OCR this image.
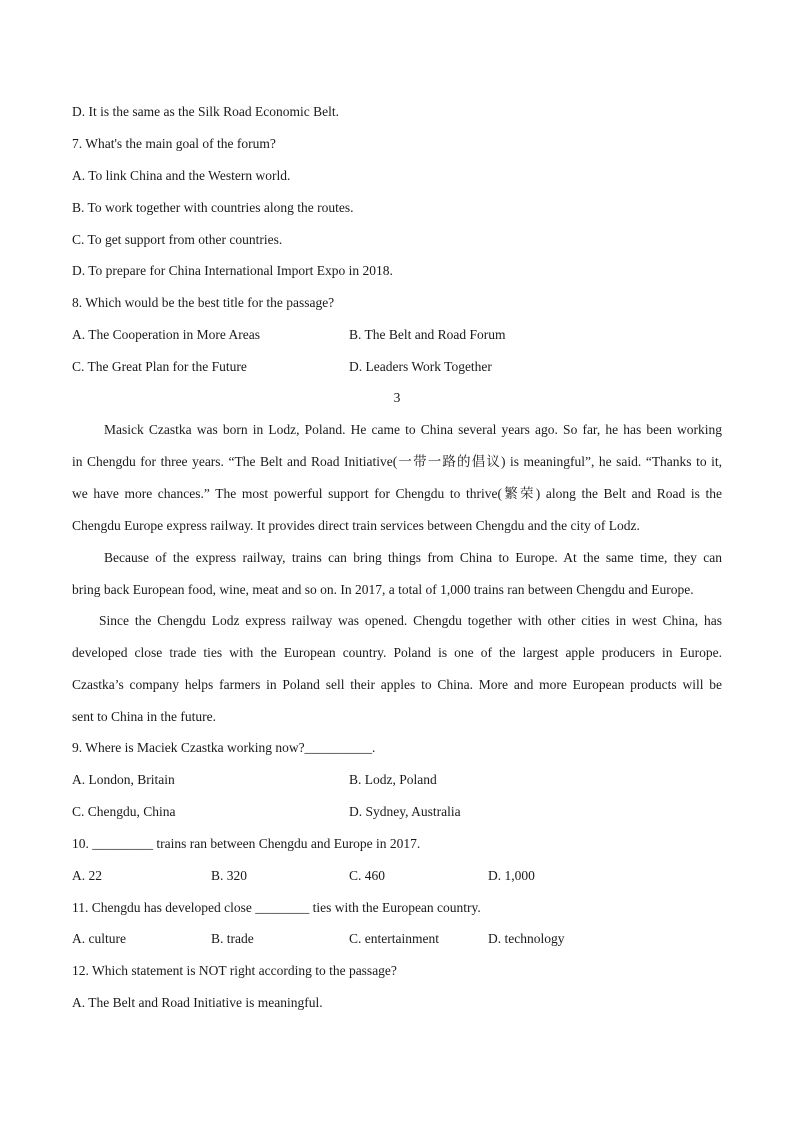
D. It is the same as the Silk Road Economic Belt.
7. What's the main goal of the forum?
A. To link China and the Western world.
B. To work together with countries along the routes.
C. To get support from other countries.
D. To prepare for China International Import Expo in 2018.
8. Which would be the best title for the passage?
A. The Cooperation in More Areas	B. The Belt and Road Forum
C. The Great Plan for the Future	D. Leaders Work Together
3
Masick Czastka was born in Lodz, Poland. He came to China several years ago. So far, he has been working
in Chengdu for three years. “The Belt and Road Initiative(一带一路的倡议) is meaningful”, he said. “Thanks to it,
we have more chances.” The most powerful support for Chengdu to thrive(繁荣) along the Belt and Road is the
Chengdu Europe express railway. It provides direct train services between Chengdu and the city of Lodz.
Because of the express railway, trains can bring things from China to Europe. At the same time, they can
bring back European food, wine, meat and so on. In 2017, a total of 1,000 trains ran between Chengdu and Europe.
Since the Chengdu Lodz express railway was opened. Chengdu together with other cities in west China, has
developed close trade ties with the European country. Poland is one of the largest apple producers in Europe.
Czastka’s company helps farmers in Poland sell their apples to China. More and more European products will be
sent to China in the future.
9. Where is Maciek Czastka working now?__________.
A. London, Britain	B. Lodz, Poland
C. Chengdu, China	D. Sydney, Australia
10. _________ trains ran between Chengdu and Europe in 2017.
A. 22	B. 320	C. 460	D. 1,000
11. Chengdu has developed close ________ ties with the European country.
A. culture	B. trade	C. entertainment	D. technology
12. Which statement is NOT right according to the passage?
A. The Belt and Road Initiative is meaningful.
